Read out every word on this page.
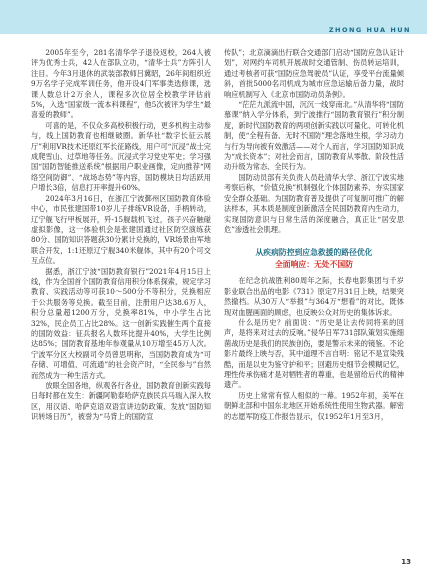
ZHONG HUA HUN

2005年至今，281名清华学子退役返校，264人被评为优秀士兵，42人在部队立功，“清华士兵”方阵引人注目。今年3月退休的武装部教师吕冀昭，26年间组织近9万名学子完成军训任务，他开设4门军事类选修课，选课人数总计2万余人，课程多次位居全校教学评估前5%，入选“国家级一流本科课程”，他5次被评为学生“最喜爱的教师”。

可喜的是，不仅众多高校积极行动，更多机构主动参与，线上国防教育也相继破圈。新华社“数字长征云展厅”利用VR技术还原红军长征路线，用户可“沉浸”战士完成爬雪山、过草地等任务。沉浸式学习党史军史；学习强国“国防智能推送系统”根据用户职业画像，定向推荐“网络空间防御”、“战场态势”等内容，国防模块日均活跃用户增长3倍，信息打开率提升60%。

2024年3月16日，在浙江宁波鄞州区国防教育体验中心，市民张建国带10岁儿子排练VR设备，手柄转动，辽宁舰飞行甲板展开，歼-15舰载机飞过，孩子兴奋触碰虚拟影像，这一体验机会是张建国通过社区防空演练获80分、国防知识答题获30分累计兑换的，VR场景由军地联合开发，1:1还原辽宁舰340米舰体，其中有20个可交互点位。

据悉，浙江宁波“国防教育银行”2021年4月15日上线，作为全国首个国防教育信用积分体系探索，规定学习教育、实践活动等可获10～500分不等积分，兑换相应于公共服务等兑换。截至目前，注册用户达38.6万人，积分总量超1200万分，兑换率81%，中小学生占比32%，民企员工占比28%。这一创新实践催生两个直接的国防效益：征兵报名人数环比提升40%，大学生比例达85%；国防教育基地年参观量从10万增至45万人次。宁波军分区大校副司令员曾思明称，当国防教育成为“可存储、可增值、可流通”的社会资产时，“全民参与”自然而然成为一种生活方式。

放眼全国各地，纵观各行各业，国防教育创新实践每日每时都在发生：新疆阿勒泰哈萨克族民兵马瑞入深入牧区，用汉语、哈萨克语双语宣讲边防政策、发放“国防知识转场日历”，被誉为“马背上的国防宣

传队”；北京滴滴出行联合交通部门启动“国防应急认证计划”，对网约车司机开展战时交通管制、伤员转运培训，通过考核者可获“国防应急驾驶员”认证，享受平台流量倾斜，首批5000名司机成为城市应急运输后备力量，战时响应机制写入《北京市国防动员条例》。

“茫茫九派流中国，沉沉一线穿南北。”从清华将“国防慕课”纳入学分体系，到宁波推行“国防教育银行”积分制度，新时代国防教育的两项创新实践以可量化、可转化机制，使“全程有备、无时不国防”理念落地生根，学习动力与行为导向被有效激活——对个人而言，学习国防知识成为“成长资本”；对社会而言，国防教育从零散、阶段性活动升级为常态、全民行为。

国防动员部有关负责人员赴清华大学、浙江宁波实地考察后称，“价值兑换”机制强化个体国防素养、夯实国家安全群众基础。为国防教育普及提供了可复制可推广的解法样本，其本质是制度创新激活全民国防教育内生动力，实现国防意识与日常生活的深度融合，真正让“居安思危”渗透社会肌理。

从疾病防控到应急救援的路径优化
全面响应：无处不国防

在纪念抗战胜利80周年之际，长春电影集团与千岁影业联合出品的电影《731》原定7月31日上映，结果突然撤档。从30万人“举报”与364万“想看”的对比，既体现对血腥画面的顾虑，也反映公众对历史的集体诉求。

什么是历史？前面说：“历史是让去传同将来的回声，是将来对过去的反响。”侵华日军731部队策划实施细菌战历史是我们的民族创伤，要是警示未来的镜鉴。不论影片最终上映与否，其中道理不言自明：铭记不是宣染残酷，而是以史为鉴守护和平；回避历史细节会模糊记忆，理性传承伤痛才是对牺牲者的尊重，也是留给后代的精神遗产。

历史上常常有惊人相似的一幕。1952年初，美军在朝鲜北部和中国东北地区开始系统性使用生物武器。解密的志愿军防疫工作报告显示，仅1952年1月至3月，

13
